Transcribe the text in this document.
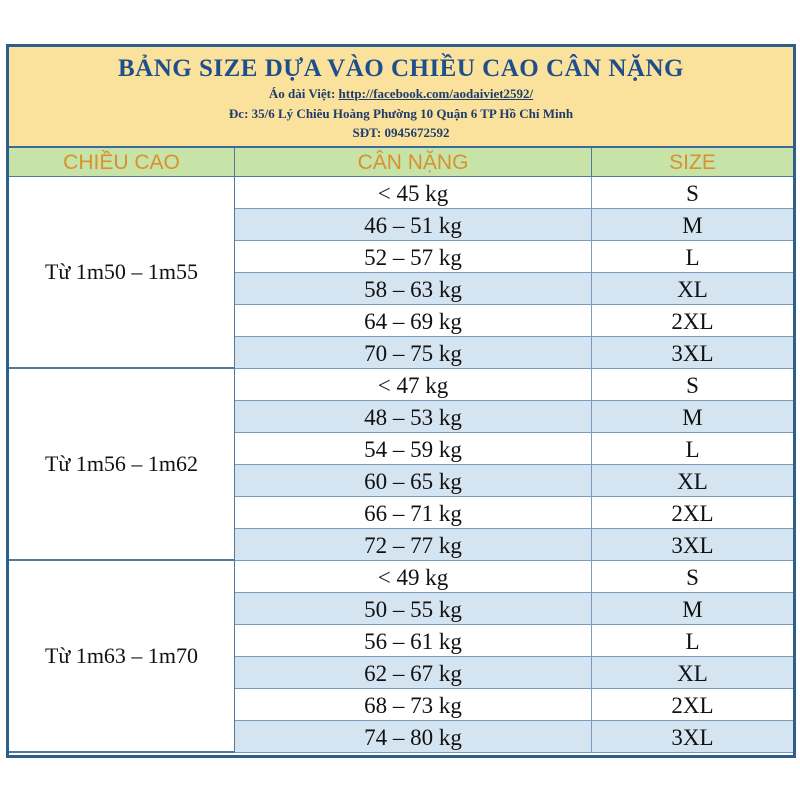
BẢNG SIZE DỰA VÀO CHIỀU CAO CÂN NẶNG
Áo dài Việt: http://facebook.com/aodaiviet2592/
Đc: 35/6 Lý Chiêu Hoàng Phường 10 Quận 6 TP Hồ Chí Minh
SĐT: 0945672592
CHIỀU CAO	CÂN NẶNG	SIZE
Từ 1m50 – 1m55
< 45 kg	S
46 – 51 kg	M
52 – 57 kg	L
58 – 63 kg	XL
64 – 69 kg	2XL
70 – 75 kg	3XL
Từ 1m56 – 1m62
< 47 kg	S
48 – 53 kg	M
54 – 59 kg	L
60 – 65 kg	XL
66 – 71 kg	2XL
72 – 77 kg	3XL
Từ 1m63 – 1m70
< 49 kg	S
50 – 55 kg	M
56 – 61 kg	L
62 – 67 kg	XL
68 – 73 kg	2XL
74 – 80 kg	3XL
